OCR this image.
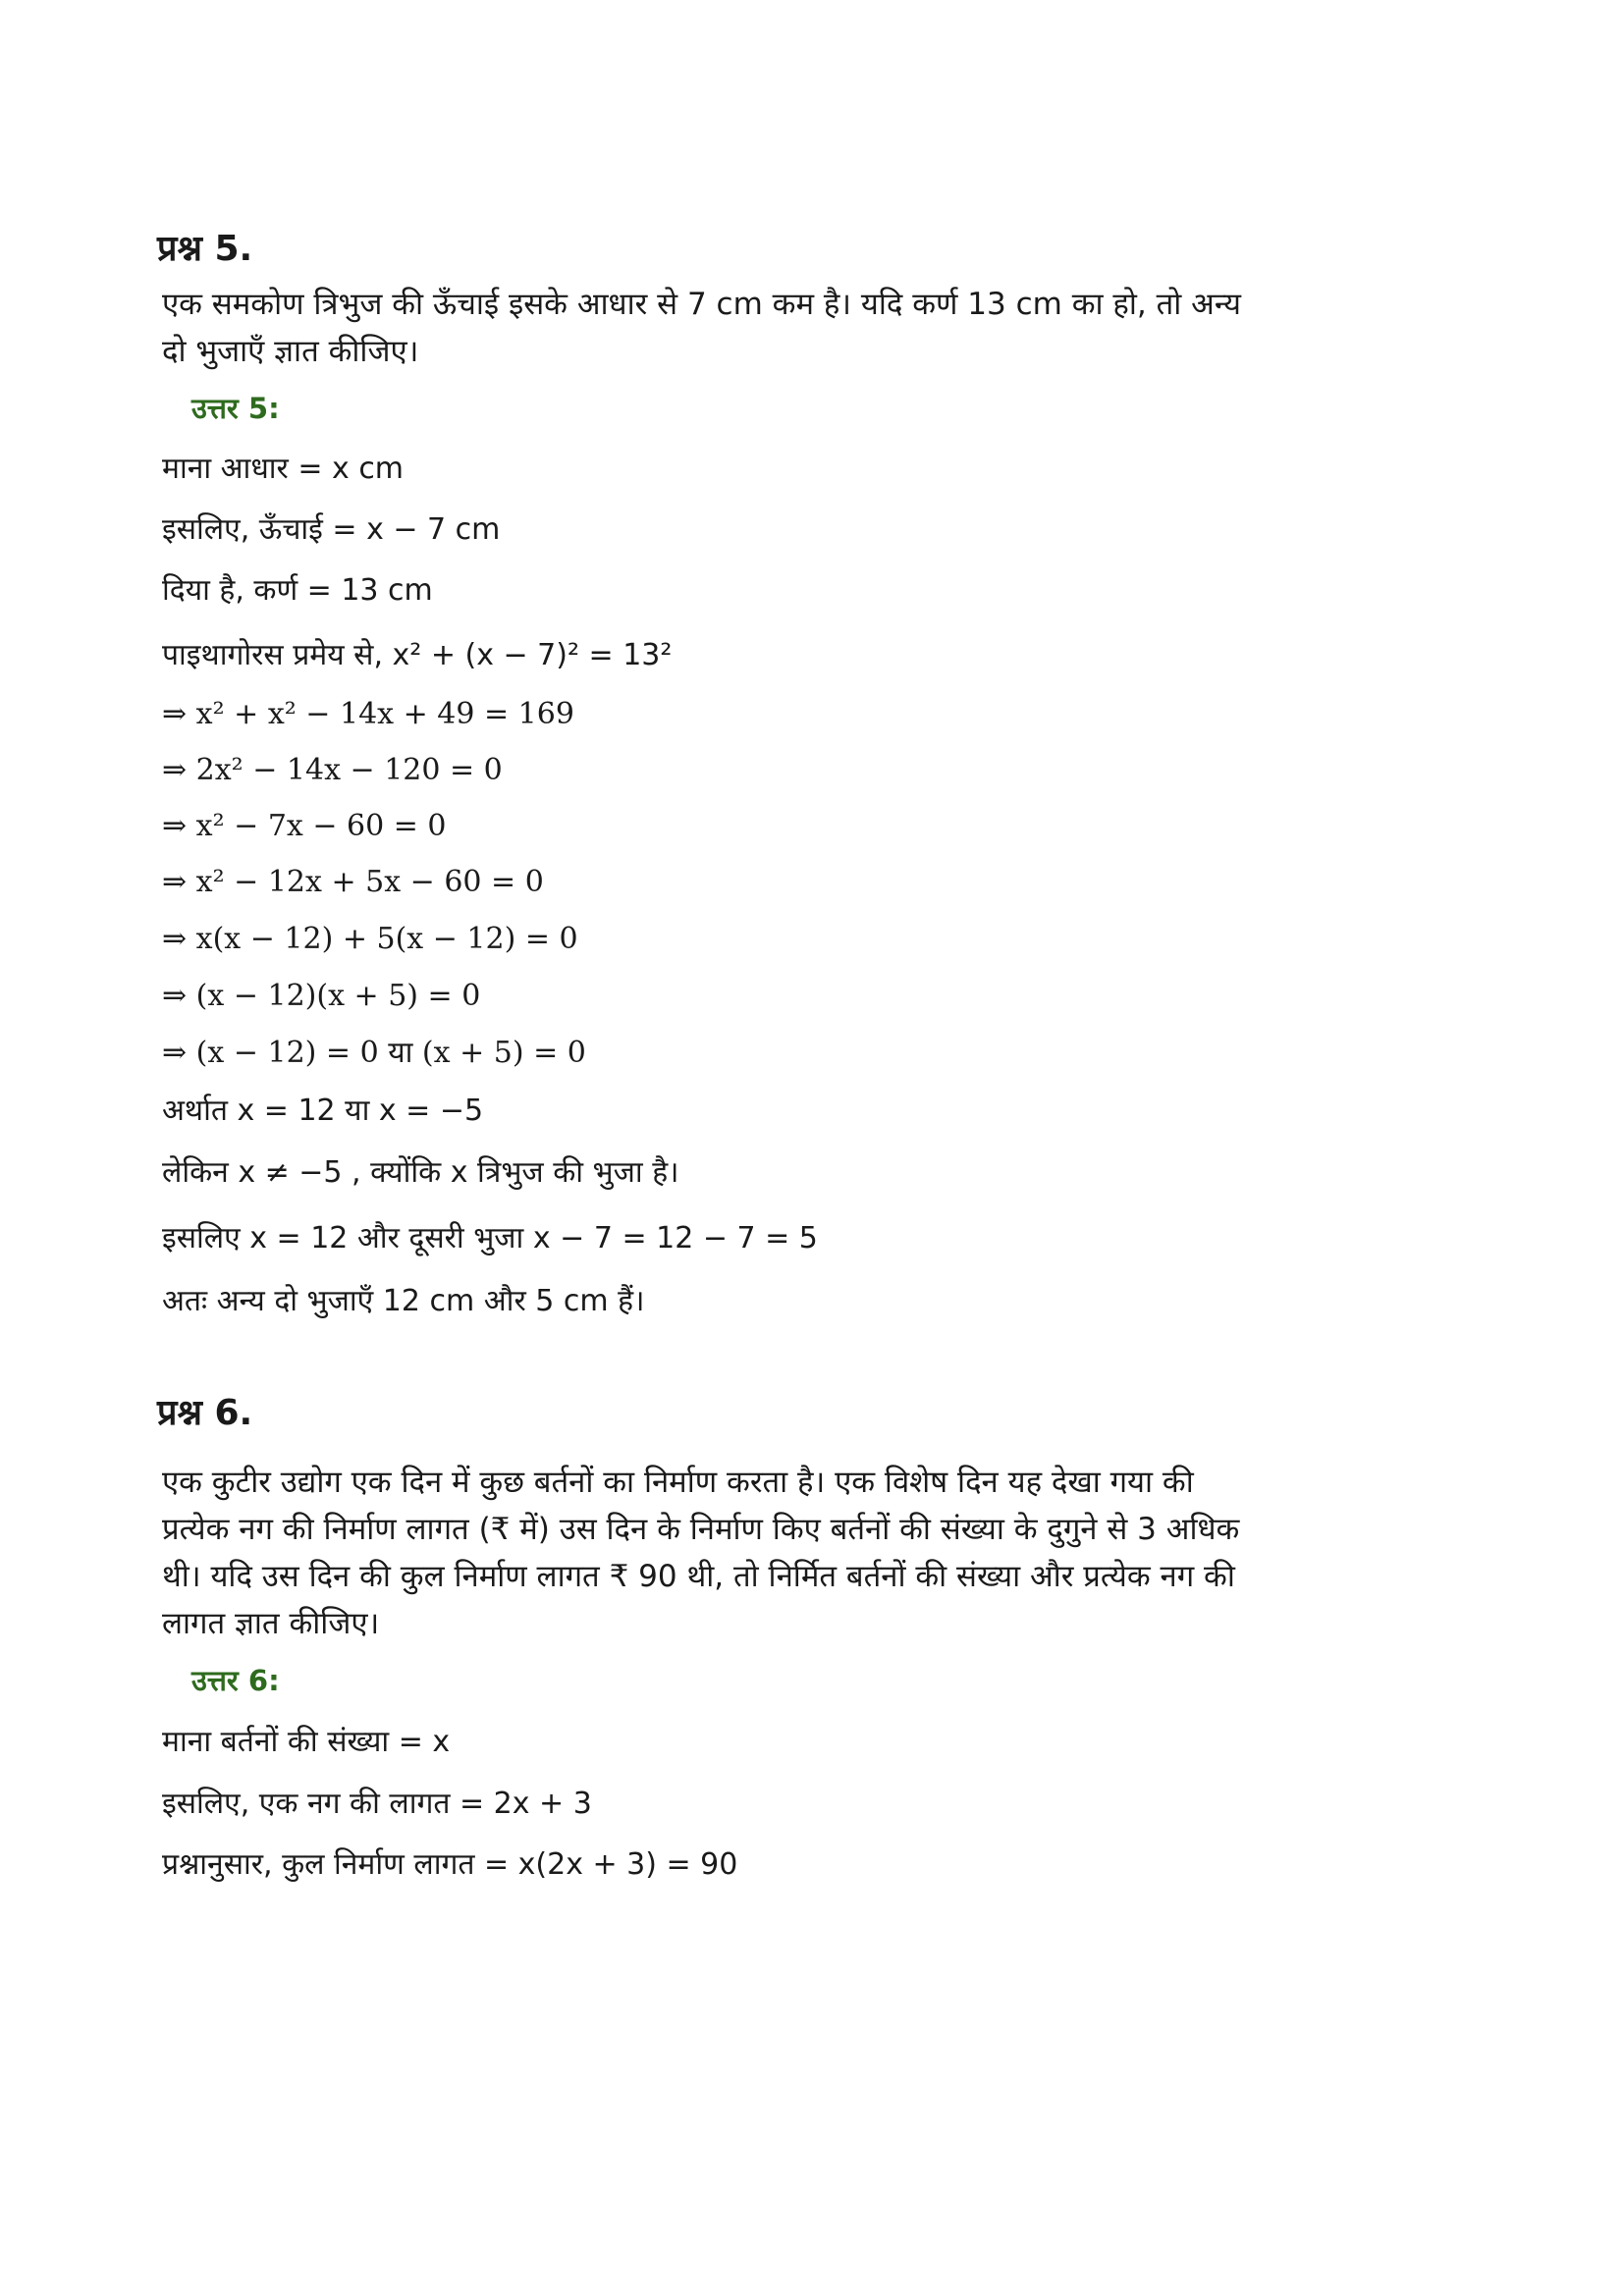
प्रश्न 5.
एक समकोण त्रिभुज की ऊँचाई इसके आधार से 7 cm कम है। यदि कर्ण 13 cm का हो, तो अन्य
दो भुजाएँ ज्ञात कीजिए।
उत्तर 5:
माना आधार = x cm
इसलिए, ऊँचाई = x − 7 cm
दिया है, कर्ण = 13 cm
पाइथागोरस प्रमेय से, x² + (x − 7)² = 13²
⇒ x² + x² − 14x + 49 = 169
⇒ 2x² − 14x − 120 = 0
⇒ x² − 7x − 60 = 0
⇒ x² − 12x + 5x − 60 = 0
⇒ x(x − 12) + 5(x − 12) = 0
⇒ (x − 12)(x + 5) = 0
⇒ (x − 12) = 0 या (x + 5) = 0
अर्थात x = 12 या x = −5
लेकिन x ≠ −5 , क्योंकि x त्रिभुज की भुजा है।
इसलिए x = 12 और दूसरी भुजा x − 7 = 12 − 7 = 5
अतः अन्य दो भुजाएँ 12 cm और 5 cm हैं।
प्रश्न 6.
एक कुटीर उद्योग एक दिन में कुछ बर्तनों का निर्माण करता है। एक विशेष दिन यह देखा गया की
प्रत्येक नग की निर्माण लागत (₹ में) उस दिन के निर्माण किए बर्तनों की संख्या के दुगुने से 3 अधिक
थी। यदि उस दिन की कुल निर्माण लागत ₹ 90 थी, तो निर्मित बर्तनों की संख्या और प्रत्येक नग की
लागत ज्ञात कीजिए।
उत्तर 6:
माना बर्तनों की संख्या = x
इसलिए, एक नग की लागत = 2x + 3
प्रश्नानुसार, कुल निर्माण लागत = x(2x + 3) = 90
